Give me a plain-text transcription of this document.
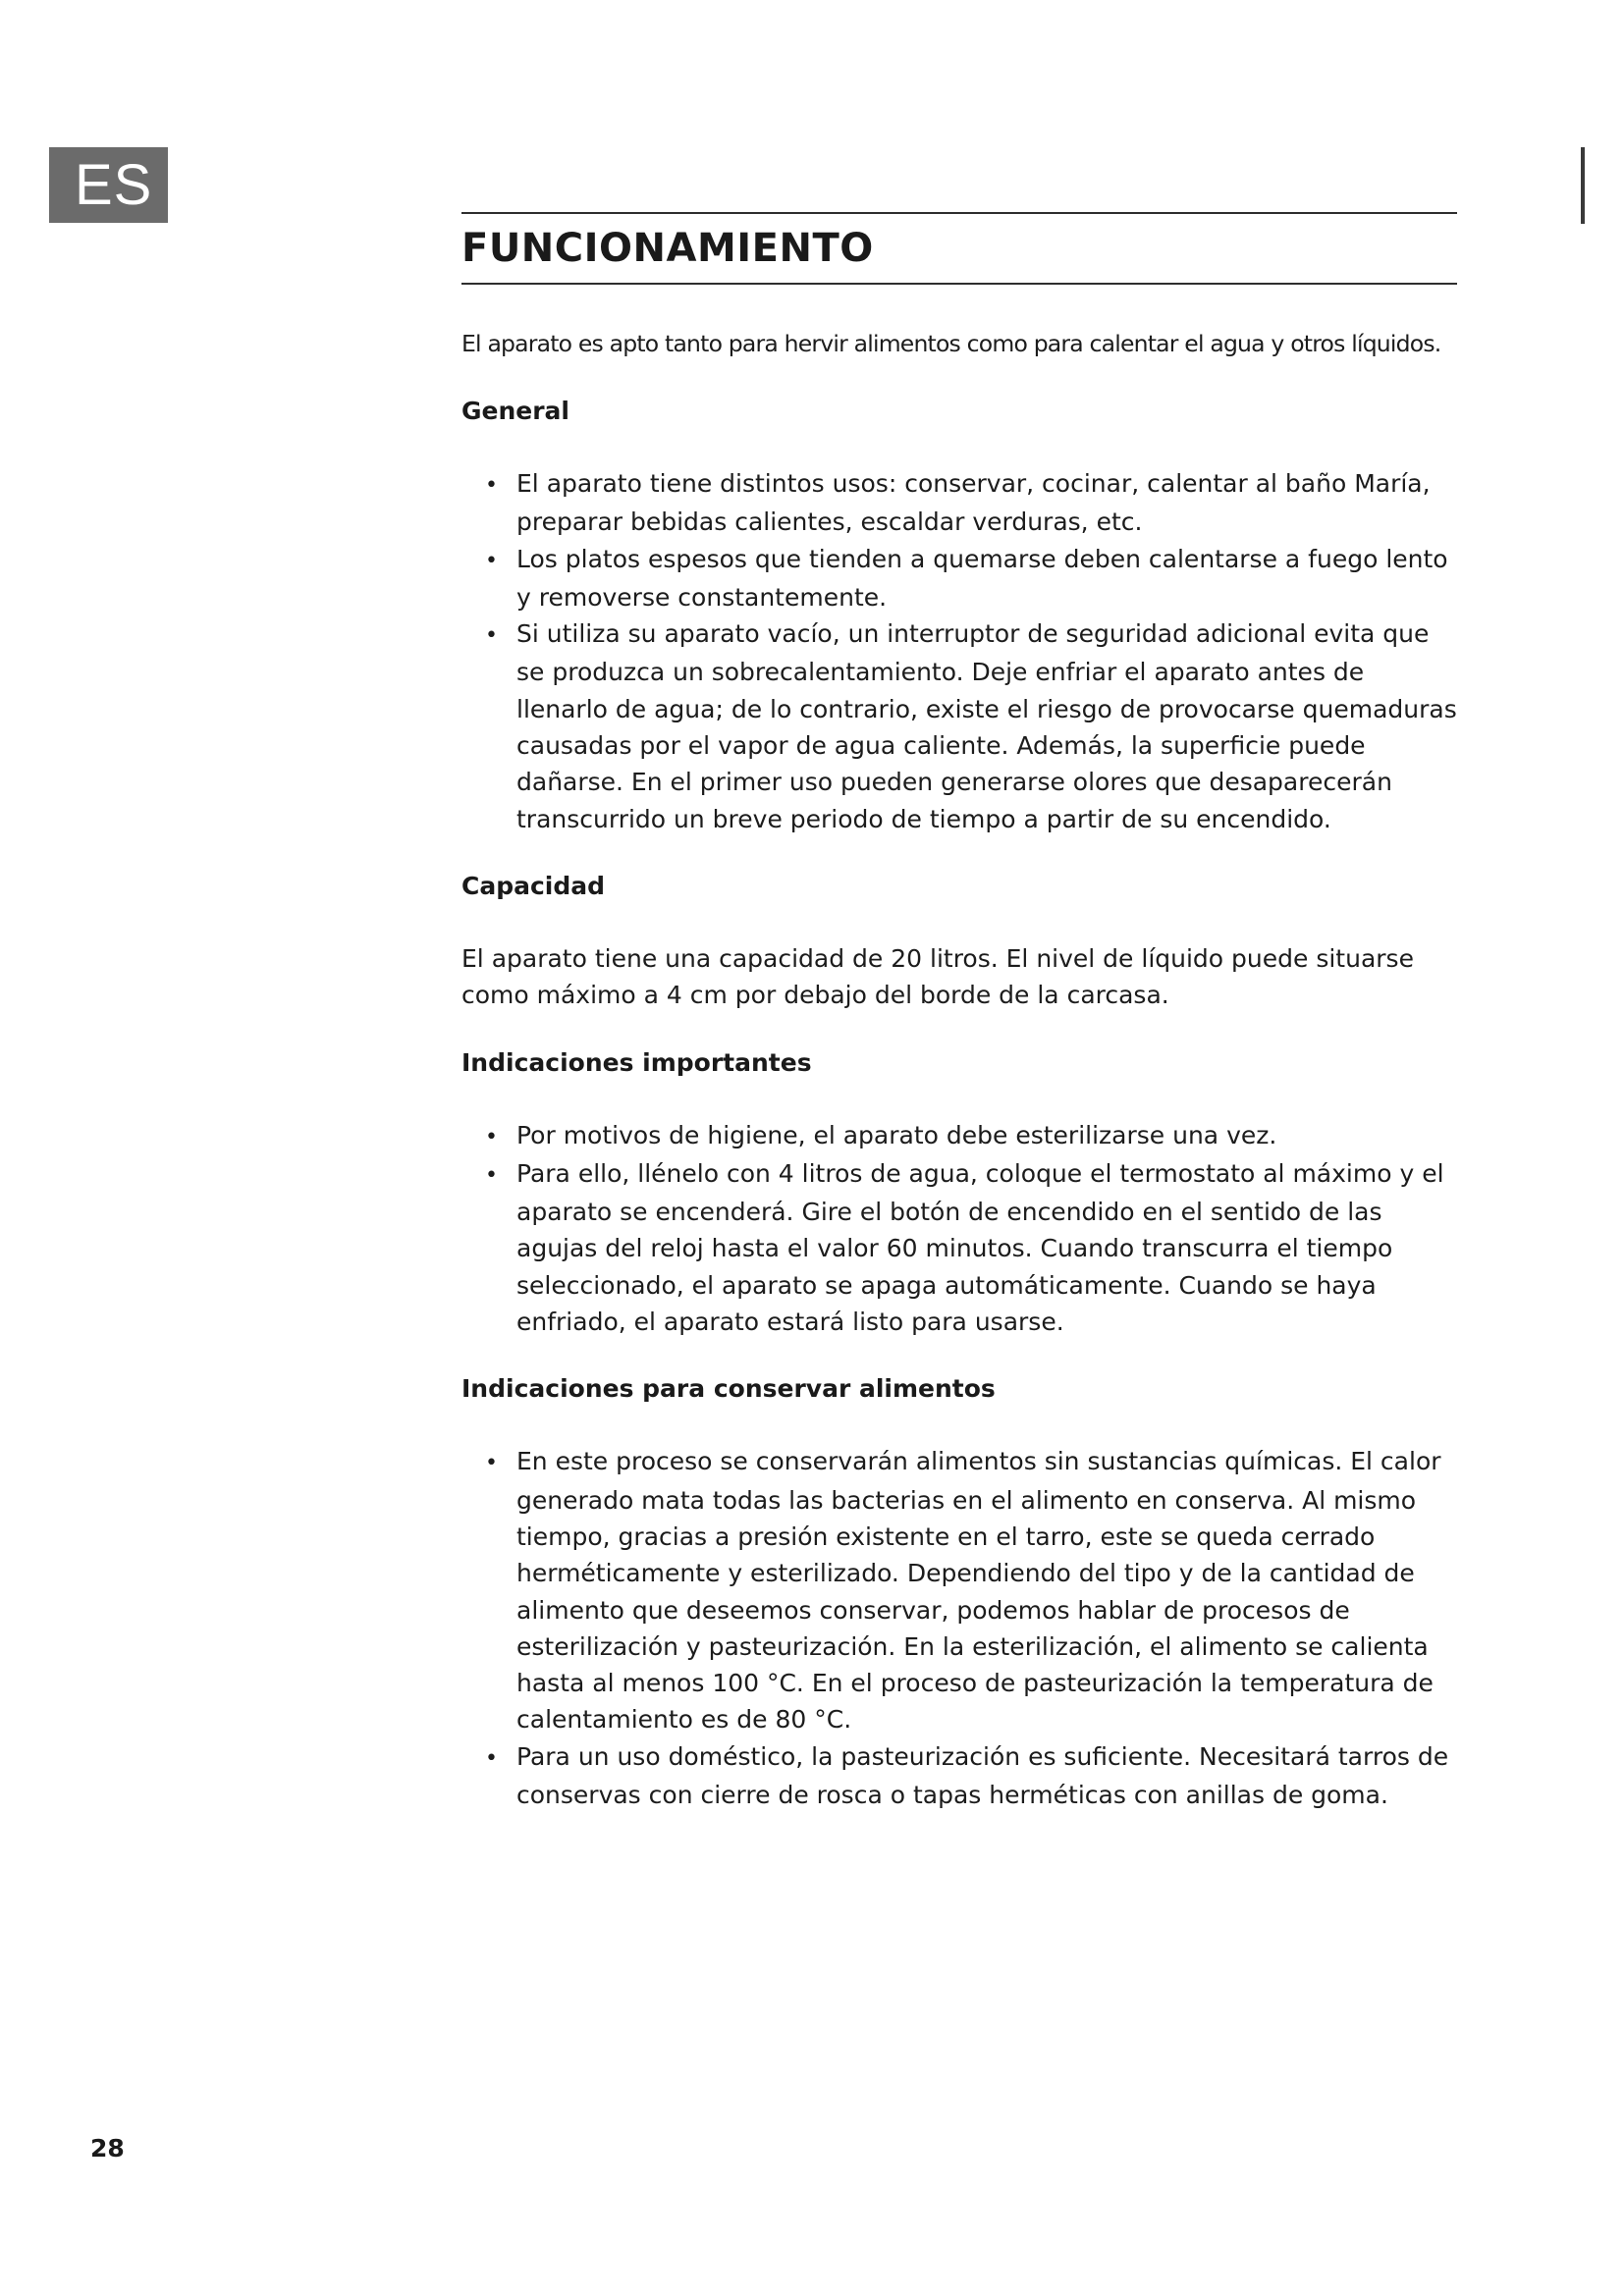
ES
FUNCIONAMIENTO

El aparato es apto tanto para hervir alimentos como para calentar el agua y otros líquidos.

General
• El aparato tiene distintos usos: conservar, cocinar, calentar al baño María, preparar bebidas calientes, escaldar verduras, etc.
• Los platos espesos que tienden a quemarse deben calentarse a fuego lento y removerse constantemente.
• Si utiliza su aparato vacío, un interruptor de seguridad adicional evita que se produzca un sobrecalentamiento. Deje enfriar el aparato antes de llenarlo de agua; de lo contrario, existe el riesgo de provocarse quemaduras causadas por el vapor de agua caliente. Además, la superficie puede dañarse. En el primer uso pueden generarse olores que desaparecerán transcurrido un breve periodo de tiempo a partir de su encendido.
Capacidad

El aparato tiene una capacidad de 20 litros. El nivel de líquido puede situarse como máximo a 4 cm por debajo del borde de la carcasa.

Indicaciones importantes
• Por motivos de higiene, el aparato debe esterilizarse una vez.
• Para ello, llénelo con 4 litros de agua, coloque el termostato al máximo y el aparato se encenderá. Gire el botón de encendido en el sentido de las agujas del reloj hasta el valor 60 minutos. Cuando transcurra el tiempo seleccionado, el aparato se apaga automáticamente. Cuando se haya enfriado, el aparato estará listo para usarse.
Indicaciones para conservar alimentos
• En este proceso se conservarán alimentos sin sustancias químicas. El calor generado mata todas las bacterias en el alimento en conserva. Al mismo tiempo, gracias a presión existente en el tarro, este se queda cerrado herméticamente y esterilizado. Dependiendo del tipo y de la cantidad de alimento que deseemos conservar, podemos hablar de procesos de esterilización y pasteurización. En la esterilización, el alimento se calienta hasta al menos 100 °C. En el proceso de pasteurización la temperatura de calentamiento es de 80 °C.
• Para un uso doméstico, la pasteurización es suficiente. Necesitará tarros de conservas con cierre de rosca o tapas herméticas con anillas de goma.
28
